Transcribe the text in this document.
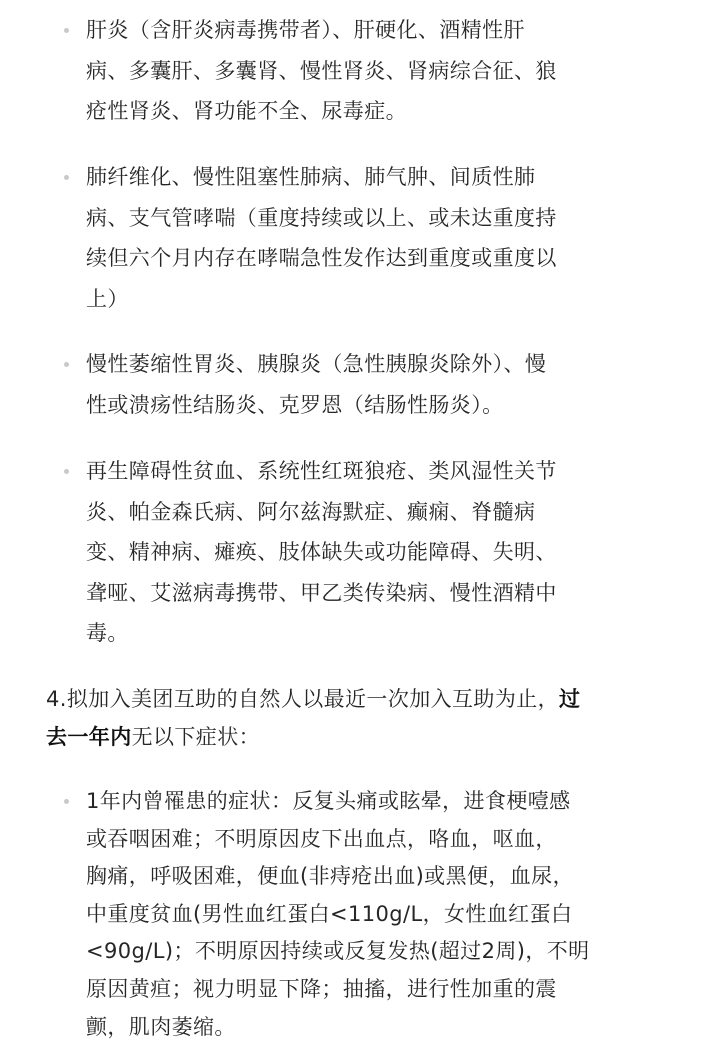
肝炎（含肝炎病毒携带者）、肝硬化、酒精性肝
病、多囊肝、多囊肾、慢性肾炎、肾病综合征、狼
疮性肾炎、肾功能不全、尿毒症。
肺纤维化、慢性阻塞性肺病、肺气肿、间质性肺
病、支气管哮喘（重度持续或以上、或未达重度持
续但六个月内存在哮喘急性发作达到重度或重度以
上）
慢性萎缩性胃炎、胰腺炎（急性胰腺炎除外）、慢
性或溃疡性结肠炎、克罗恩（结肠性肠炎）。
再生障碍性贫血、系统性红斑狼疮、类风湿性关节
炎、帕金森氏病、阿尔兹海默症、癫痫、脊髓病
变、精神病、瘫痪、肢体缺失或功能障碍、失明、
聋哑、艾滋病毒携带、甲乙类传染病、慢性酒精中
毒。
4.拟加入美团互助的自然人以最近一次加入互助为止，过
去一年内无以下症状：
1年内曾罹患的症状：反复头痛或眩晕，进食梗噎感
或吞咽困难；不明原因皮下出血点，咯血，呕血，
胸痛，呼吸困难，便血(非痔疮出血)或黑便，血尿，
中重度贫血(男性血红蛋白<110g/L，女性血红蛋白
<90g/L)；不明原因持续或反复发热(超过2周)，不明
原因黄疸；视力明显下降；抽搐，进行性加重的震
颤，肌肉萎缩。
